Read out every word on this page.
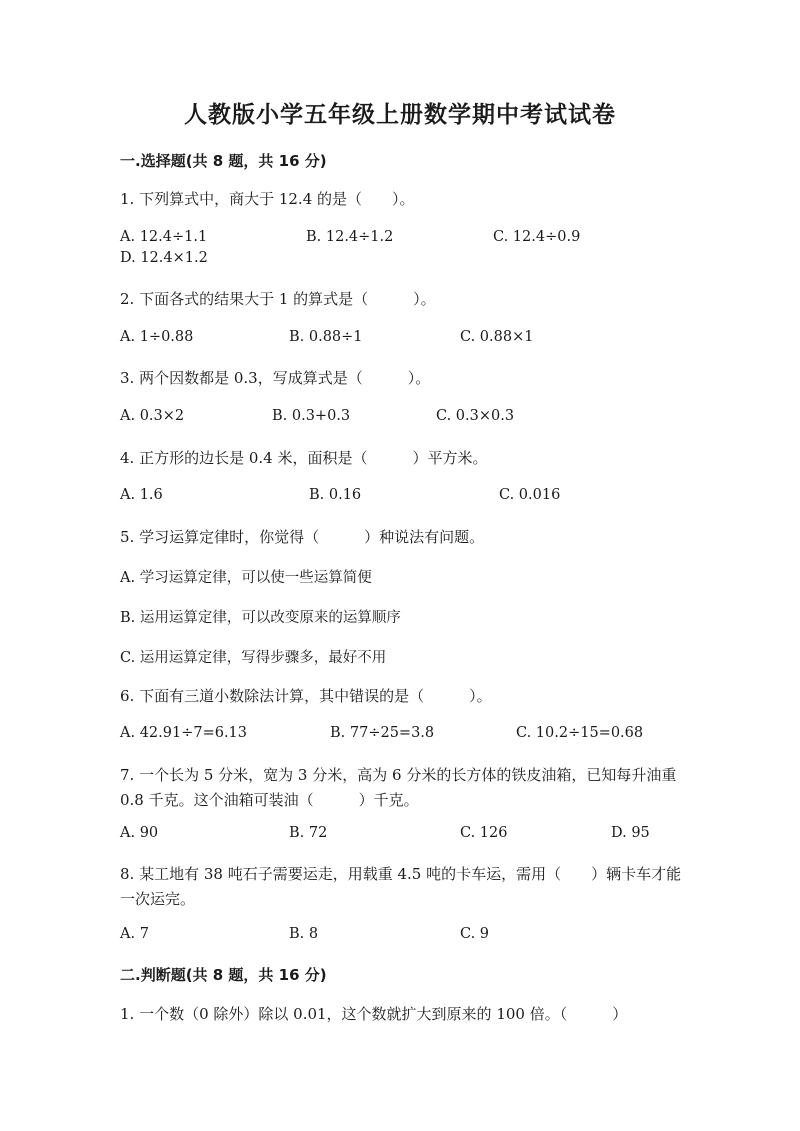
人教版小学五年级上册数学期中考试试卷
一.选择题(共 8 题，共 16 分)
1. 下列算式中，商大于 12.4 的是（　　）。
A. 12.4÷1.1	B. 12.4÷1.2	C. 12.4÷0.9
D. 12.4×1.2
2. 下面各式的结果大于 1 的算式是（　　　）。
A. 1÷0.88	B. 0.88÷1	C. 0.88×1
3. 两个因数都是 0.3，写成算式是（　　　）。
A. 0.3×2	B. 0.3+0.3	C. 0.3×0.3
4. 正方形的边长是 0.4 米，面积是（　　　）平方米。
A. 1.6	B. 0.16	C. 0.016
5. 学习运算定律时，你觉得（　　　）种说法有问题。
A. 学习运算定律，可以使一些运算简便
B. 运用运算定律，可以改变原来的运算顺序
C. 运用运算定律，写得步骤多，最好不用
6. 下面有三道小数除法计算，其中错误的是（　　　）。
A. 42.91÷7=6.13	B. 77÷25=3.8	C. 10.2÷15=0.68
7. 一个长为 5 分米，宽为 3 分米，高为 6 分米的长方体的铁皮油箱，已知每升油重 0.8 千克。这个油箱可装油（　　　）千克。
A. 90	B. 72	C. 126	D. 95
8. 某工地有 38 吨石子需要运走，用载重 4.5 吨的卡车运，需用（　　）辆卡车才能一次运完。
A. 7	B. 8	C. 9
二.判断题(共 8 题，共 16 分)
1. 一个数（0 除外）除以 0.01，这个数就扩大到原来的 100 倍。（　　　）
